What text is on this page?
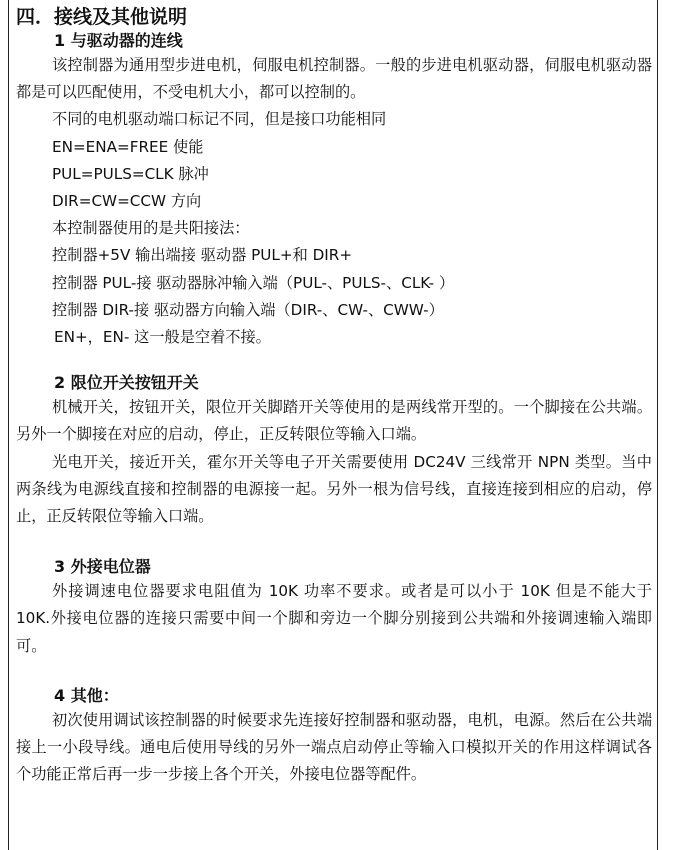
四．接线及其他说明
1 与驱动器的连线

该控制器为通用型步进电机，伺服电机控制器。一般的步进电机驱动器，伺服电机驱动器都是可以匹配使用，不受电机大小，都可以控制的。

不同的电机驱动端口标记不同，但是接口功能相同
EN=ENA=FREE 使能
PUL=PULS=CLK 脉冲
DIR=CW=CCW 方向
本控制器使用的是共阳接法：
控制器+5V 输出端接 驱动器 PUL+和 DIR+
控制器 PUL-接 驱动器脉冲输入端（PUL-、PULS-、CLK- ）
控制器 DIR-接 驱动器方向输入端（DIR-、CW-、CWW-）
EN+，EN- 这一般是空着不接。
2 限位开关按钮开关

机械开关，按钮开关，限位开关脚踏开关等使用的是两线常开型的。一个脚接在公共端。另外一个脚接在对应的启动，停止，正反转限位等输入口端。

光电开关，接近开关，霍尔开关等电子开关需要使用 DC24V 三线常开 NPN 类型。当中两条线为电源线直接和控制器的电源接一起。另外一根为信号线，直接连接到相应的启动，停止，正反转限位等输入口端。

3 外接电位器

外接调速电位器要求电阻值为 10K 功率不要求。或者是可以小于 10K 但是不能大于 10K.外接电位器的连接只需要中间一个脚和旁边一个脚分别接到公共端和外接调速输入端即可。

4 其他：

初次使用调试该控制器的时候要求先连接好控制器和驱动器，电机，电源。然后在公共端接上一小段导线。通电后使用导线的另外一端点启动停止等输入口模拟开关的作用这样调试各个功能正常后再一步一步接上各个开关，外接电位器等配件。
